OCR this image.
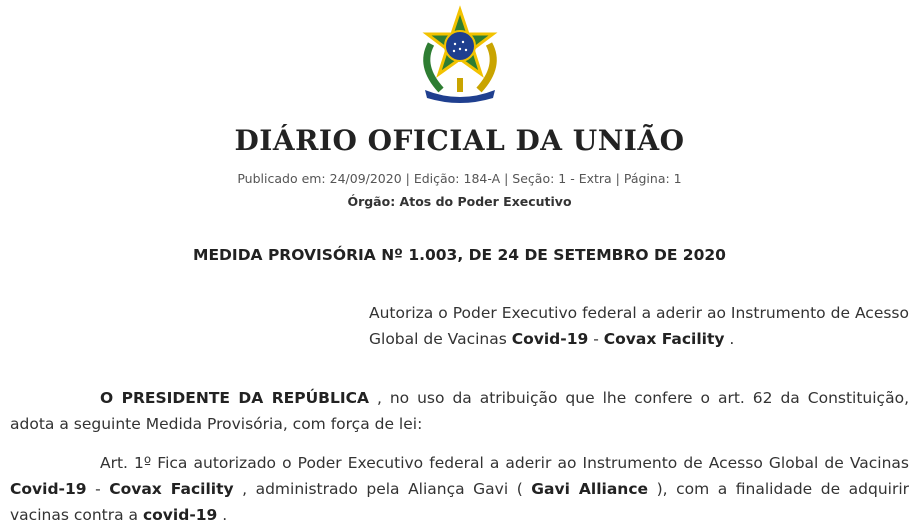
DIÁRIO OFICIAL DA UNIÃO
Publicado em: 24/09/2020 | Edição: 184-A | Seção: 1 - Extra | Página: 1
Órgão: Atos do Poder Executivo
MEDIDA PROVISÓRIA Nº 1.003, DE 24 DE SETEMBRO DE 2020
Autoriza o Poder Executivo federal a aderir ao Instrumento de Acesso Global de Vacinas Covid-19 - Covax Facility .
O PRESIDENTE DA REPÚBLICA , no uso da atribuição que lhe confere o art. 62 da Constituição, adota a seguinte Medida Provisória, com força de lei:
Art. 1º Fica autorizado o Poder Executivo federal a aderir ao Instrumento de Acesso Global de Vacinas Covid-19 - Covax Facility , administrado pela Aliança Gavi ( Gavi Alliance ), com a finalidade de adquirir vacinas contra a covid-19 .
